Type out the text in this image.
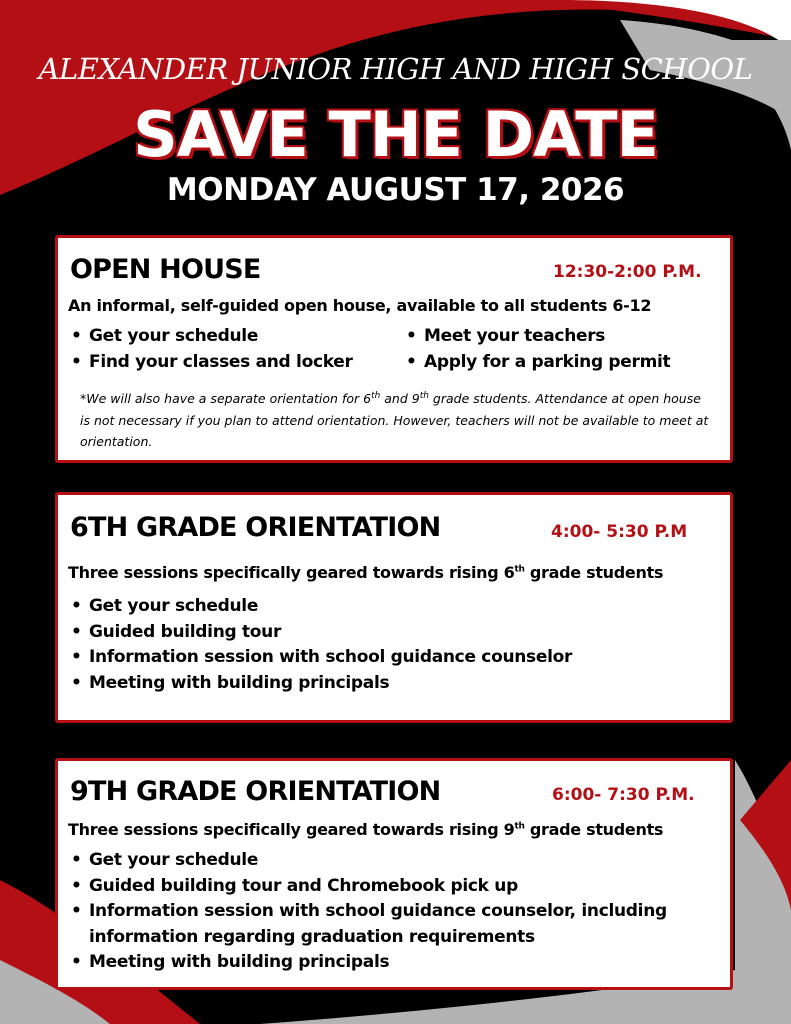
ALEXANDER JUNIOR HIGH AND HIGH SCHOOL
SAVE THE DATE
MONDAY AUGUST 17, 2026
OPEN HOUSE	12:30-2:00 P.M.

An informal, self-guided open house, available to all students 6-12

• Get your schedule
• Find your classes and locker
• Meet your teachers
• Apply for a parking permit

*We will also have a separate orientation for 6th and 9th grade students. Attendance at open house is not necessary if you plan to attend orientation. However, teachers will not be available to meet at orientation.

6TH GRADE ORIENTATION	4:00- 5:30 P.M

Three sessions specifically geared towards rising 6th grade students

• Get your schedule
• Guided building tour
• Information session with school guidance counselor
• Meeting with building principals
9TH GRADE ORIENTATION	6:00- 7:30 P.M.

Three sessions specifically geared towards rising 9th grade students

• Get your schedule
• Guided building tour and Chromebook pick up
• Information session with school guidance counselor, including information regarding graduation requirements
• Meeting with building principals
